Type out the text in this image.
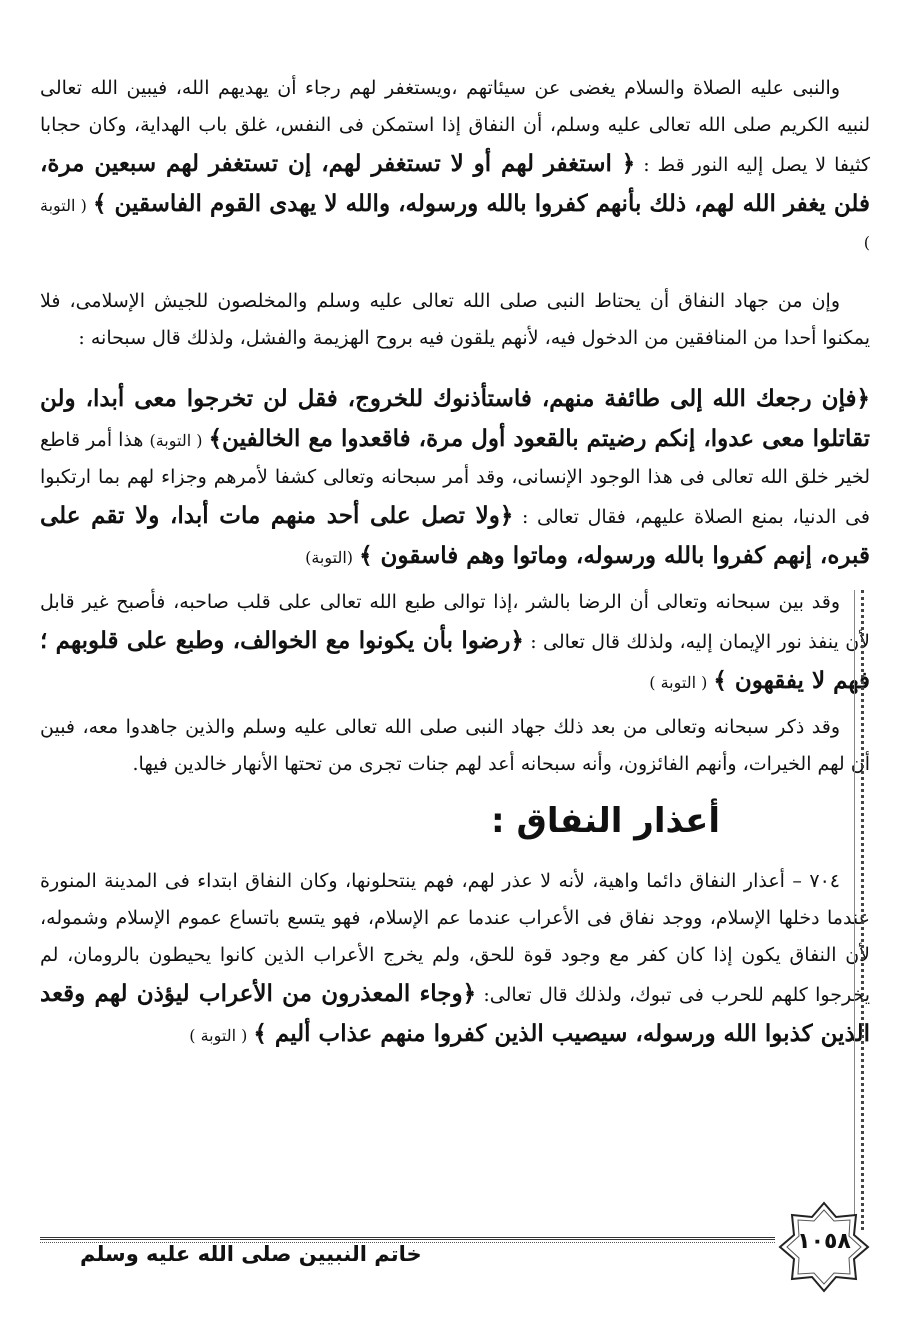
والنبى عليه الصلاة والسلام يغضى عن سيئاتهم ،ويستغفر لهم رجاء أن يهديهم الله، فيبين الله تعالى لنبيه الكريم صلى الله تعالى عليه وسلم، أن النفاق إذا استمكن فى النفس، غلق باب الهداية، وكان حجابا كثيفا لا يصل إليه النور قط : ﴿ استغفر لهم أو لا تستغفر لهم، إن تستغفر لهم سبعين مرة، فلن يغفر الله لهم، ذلك بأنهم كفروا بالله ورسوله، والله لا يهدى القوم الفاسقين ﴾ ( التوبة )

وإن من جهاد النفاق أن يحتاط النبى صلى الله تعالى عليه وسلم والمخلصون للجيش الإسلامى، فلا يمكنوا أحدا من المنافقين من الدخول فيه، لأنهم يلقون فيه بروح الهزيمة والفشل، ولذلك قال سبحانه :

﴿فإن رجعك الله إلى طائفة منهم، فاستأذنوك للخروج، فقل لن تخرجوا معى أبدا، ولن تقاتلوا معى عدوا، إنكم رضيتم بالقعود أول مرة، فاقعدوا مع الخالفين﴾ ( التوبة) هذا أمر قاطع لخير خلق الله تعالى فى هذا الوجود الإنسانى، وقد أمر سبحانه وتعالى كشفا لأمرهم وجزاء لهم بما ارتكبوا فى الدنيا، بمنع الصلاة عليهم، فقال تعالى : ﴿ولا تصل على أحد منهم مات أبدا، ولا تقم على قبره، إنهم كفروا بالله ورسوله، وماتوا وهم فاسقون ﴾ (التوبة)

وقد بين سبحانه وتعالى أن الرضا بالشر ،إذا توالى طبع الله تعالى على قلب صاحبه، فأصبح غير قابل لأن ينفذ نور الإيمان إليه، ولذلك قال تعالى : ﴿رضوا بأن يكونوا مع الخوالف، وطبع على قلوبهم ؛ فهم لا يفقهون ﴾ ( التوبة )

وقد ذكر سبحانه وتعالى من بعد ذلك جهاد النبى صلى الله تعالى عليه وسلم والذين جاهدوا معه، فبين أن لهم الخيرات، وأنهم الفائزون، وأنه سبحانه أعد لهم جنات تجرى من تحتها الأنهار خالدين فيها.

أعذار النفاق :

٧٠٤ – أعذار النفاق دائما واهية، لأنه لا عذر لهم، فهم ينتحلونها، وكان النفاق ابتداء فى المدينة المنورة عندما دخلها الإسلام، ووجد نفاق فى الأعراب عندما عم الإسلام، فهو يتسع باتساع عموم الإسلام وشموله، لأن النفاق يكون إذا كان كفر مع وجود قوة للحق، ولم يخرج الأعراب الذين كانوا يحيطون بالرومان، لم يخرجوا كلهم للحرب فى تبوك، ولذلك قال تعالى: ﴿وجاء المعذرون من الأعراب ليؤذن لهم وقعد الذين كذبوا الله ورسوله، سيصيب الذين كفروا منهم عذاب أليم ﴾ ( التوبة )

خاتم النبيين صلى الله عليه وسلم	١٠٥٨
